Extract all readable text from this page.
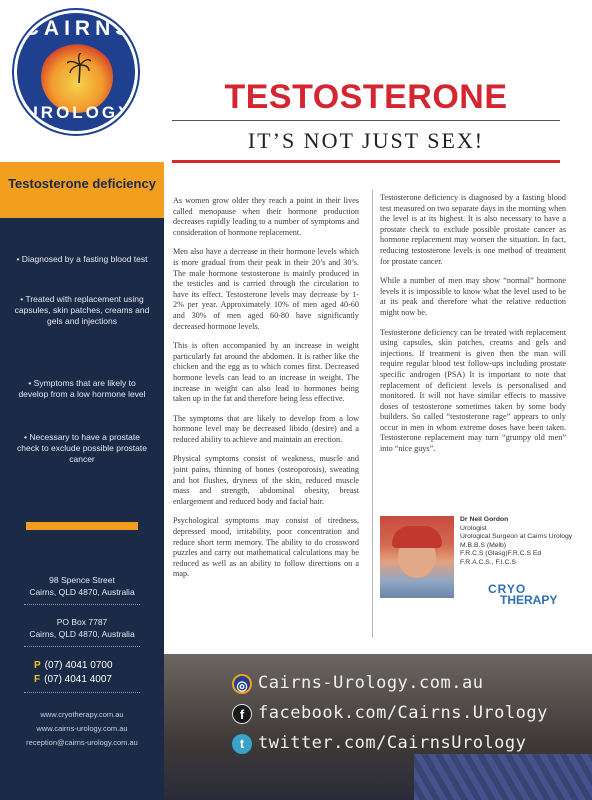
CAIRNS
UROLOGY	TESTOSTERONE
IT’S NOT JUST SEX!
Testosterone deficiency
• Diagnosed by a fasting blood test
• Treated with replacement using capsules, skin patches, creams and gels and injections
• Symptoms that are likely to develop from a low hormone level
• Necessary to have a prostate check to exclude possible prostate cancer
98 Spence Street
Cairns, QLD 4870, Australia
PO Box 7787
Cairns, QLD 4870, Australia
P (07) 4041 0700
F (07) 4041 4007
www.cryotherapy.com.au
www.cairns-urology.com.au
reception@cairns-urology.com.au

As women grow older they reach a point in their lives called menopause when their hormone production decreases rapidly leading to a number of symptoms and consideration of hormone replacement.

Men also have a decrease in their hormone levels which is more gradual from their peak in their 20’s and 30’s. The male hormone testosterone is mainly produced in the testicles and is carried through the circulation to have its effect. Testosterone levels may decrease by 1-2% per year. Approximately 10% of men aged 40-60 and 30% of men aged 60-80 have significantly decreased hormone levels.

This is often accompanied by an increase in weight particularly fat around the abdomen. It is rather like the chicken and the egg as to which comes first. Decreased hormone levels can lead to an increase in weight. The increase in weight can also lead to hormones being taken up in the fat and therefore being less effective.

The symptoms that are likely to develop from a low hormone level may be decreased libido (desire) and a reduced ability to achieve and maintain an erection.

Physical symptoms consist of weakness, muscle and joint pains, thinning of bones (osteoporosis), sweating and hot flushes, dryness of the skin, reduced muscle mass and strength, abdominal obesity, breast enlargement and reduced body and facial hair.

Psychological symptoms may consist of tiredness, depressed mood, irritability, poor concentration and reduce short term memory. The ability to do crossword puzzles and carry out mathematical calculations may be reduced as well as an ability to follow directions on a map.

Testosterone deficiency is diagnosed by a fasting blood test measured on two separate days in the morning when the level is at its highest. It is also necessary to have a prostate check to exclude possible prostate cancer as hormone replacement may worsen the situation. In fact, reducing testosterone levels is one method of treatment for prostate cancer.

While a number of men may show “normal” hormone levels it is impossible to know what the level used to be at its peak and therefore what the relative reduction might now be.

Testosterone deficiency can be treated with replacement using capsules, skin patches, creams and gels and injections. If treatment is given then the man will require regular blood test follow-ups including prostate specific androgen (PSA) It is important to note that replacement of deficient levels is personalised and monitored. It will not have similar effects to massive doses of testosterone sometimes taken by some body builders. So called “testosterone rage” appears to only occur in men in whom extreme doses have been taken. Testosterone replacement may turn “grumpy old men” into “nice guys”.

Dr Neil Gordon
Urologist
Urological Surgeon at Cairns Urology
M.B.B.S (Melb)
F.R.C.S (Glasg)F.R.C.S Ed
F.R.A.C.S., F.I.C.S
CRYO
THERAPY
◎ Cairns-Urology.com.au
f facebook.com/Cairns.Urology
t twitter.com/CairnsUrology
